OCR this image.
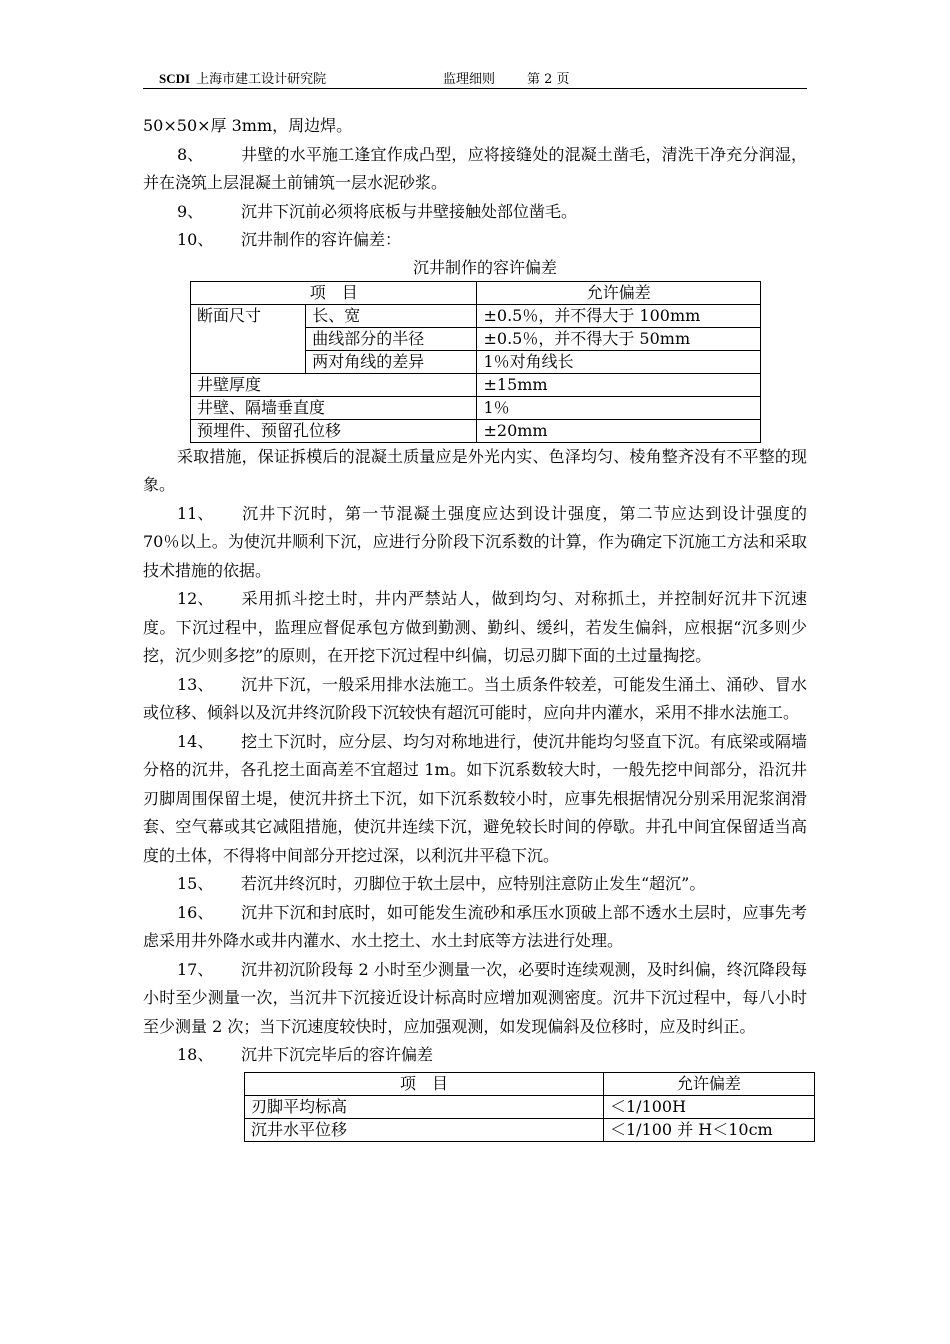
SCDI 上海市建工设计研究院	监理细则 第 2 页

50×50×厚 3mm，周边焊。

8、 井壁的水平施工逢宜作成凸型，应将接缝处的混凝土凿毛，清洗干净充分润湿，并在浇筑上层混凝土前铺筑一层水泥砂浆。

9、 沉井下沉前必须将底板与井壁接触处部位凿毛。

10、 沉井制作的容许偏差：

沉井制作的容许偏差

项　目		允许偏差
断面尺寸	长、宽	±0.5％，并不得大于 100mm
	曲线部分的半径	±0.5％，并不得大于 50mm
	两对角线的差异	1％对角线长
井壁厚度		±15mm
井壁、隔墙垂直度		1％
预埋件、预留孔位移		±20mm

采取措施，保证拆模后的混凝土质量应是外光内实、色泽均匀、棱角整齐没有不平整的现象。

11、 沉井下沉时，第一节混凝土强度应达到设计强度，第二节应达到设计强度的 70％以上。为使沉井顺利下沉，应进行分阶段下沉系数的计算，作为确定下沉施工方法和采取技术措施的依据。

12、 采用抓斗挖土时，井内严禁站人，做到均匀、对称抓土，并控制好沉井下沉速度。下沉过程中，监理应督促承包方做到勤测、勤纠、缓纠，若发生偏斜，应根据“沉多则少挖，沉少则多挖”的原则，在开挖下沉过程中纠偏，切忌刃脚下面的土过量掏挖。

13、 沉井下沉，一般采用排水法施工。当土质条件较差，可能发生涌土、涌砂、冒水或位移、倾斜以及沉井终沉阶段下沉较快有超沉可能时，应向井内灌水，采用不排水法施工。

14、 挖土下沉时，应分层、均匀对称地进行，使沉井能均匀竖直下沉。有底梁或隔墙分格的沉井，各孔挖土面高差不宜超过 1m。如下沉系数较大时，一般先挖中间部分，沿沉井刃脚周围保留土堤，使沉井挤土下沉，如下沉系数较小时，应事先根据情况分别采用泥浆润滑套、空气幕或其它减阻措施，使沉井连续下沉，避免较长时间的停歇。井孔中间宜保留适当高度的土体，不得将中间部分开挖过深，以利沉井平稳下沉。

15、 若沉井终沉时，刃脚位于软土层中，应特别注意防止发生“超沉”。

16、 沉井下沉和封底时，如可能发生流砂和承压水顶破上部不透水土层时，应事先考虑采用井外降水或井内灌水、水土挖土、水土封底等方法进行处理。

17、 沉井初沉阶段每 2 小时至少测量一次，必要时连续观测，及时纠偏，终沉降段每小时至少测量一次，当沉井下沉接近设计标高时应增加观测密度。沉井下沉过程中，每八小时至少测量 2 次；当下沉速度较快时，应加强观测，如发现偏斜及位移时，应及时纠正。

18、 沉井下沉完毕后的容许偏差

项　目	允许偏差
刃脚平均标高	＜1/100H
沉井水平位移	＜1/100 并 H＜10cm
